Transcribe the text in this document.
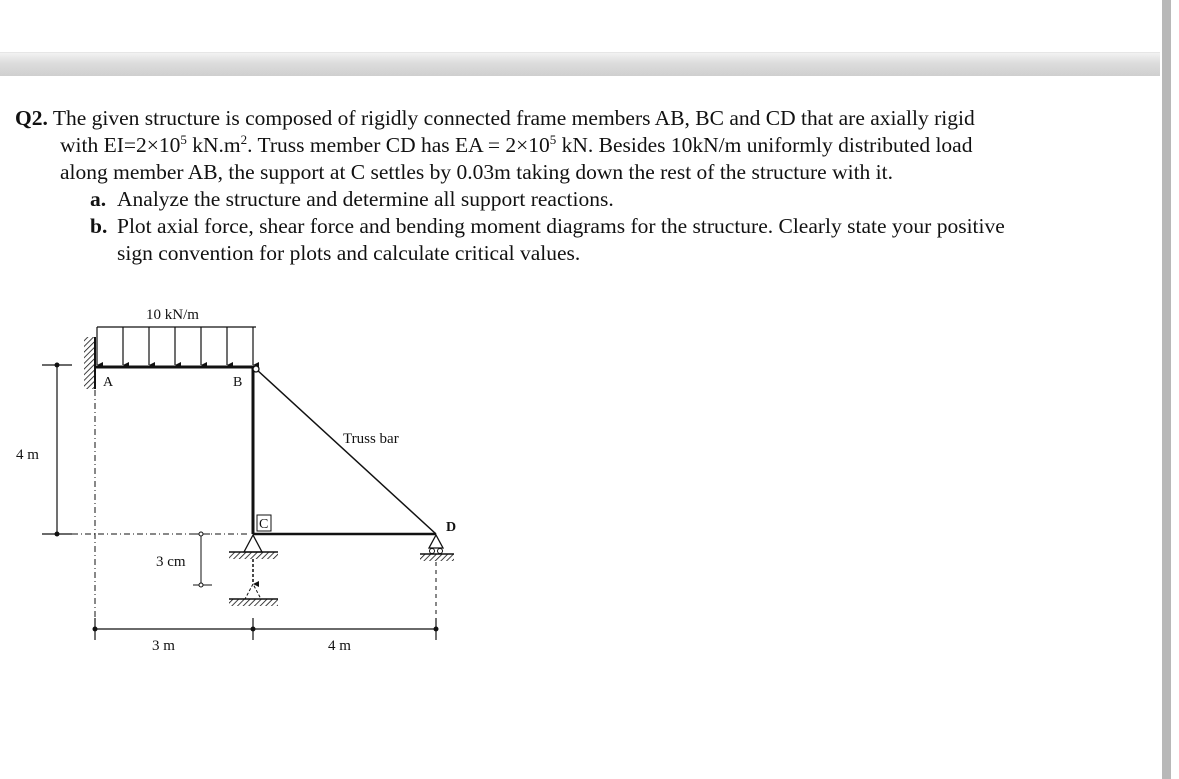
Q2. The given structure is composed of rigidly connected frame members AB, BC and CD that are axially rigid
with $EI=2\times 10^5$ $kN.m^2$. Truss member CD has EA = $2\times 10^5$ kN. Besides 10kN/m uniformly distributed load
along member AB, the support at C settles by 0.03m taking down the rest of the structure with it.
a. Analyze the structure and determine all support reactions.
b. Plot axial force, shear force and bending moment diagrams for the structure. Clearly state your positive
sign convention for plots and calculate critical values.
10 kN/m
A	B
C	D
Truss bar
4 m
3 cm
3 m	4 m
